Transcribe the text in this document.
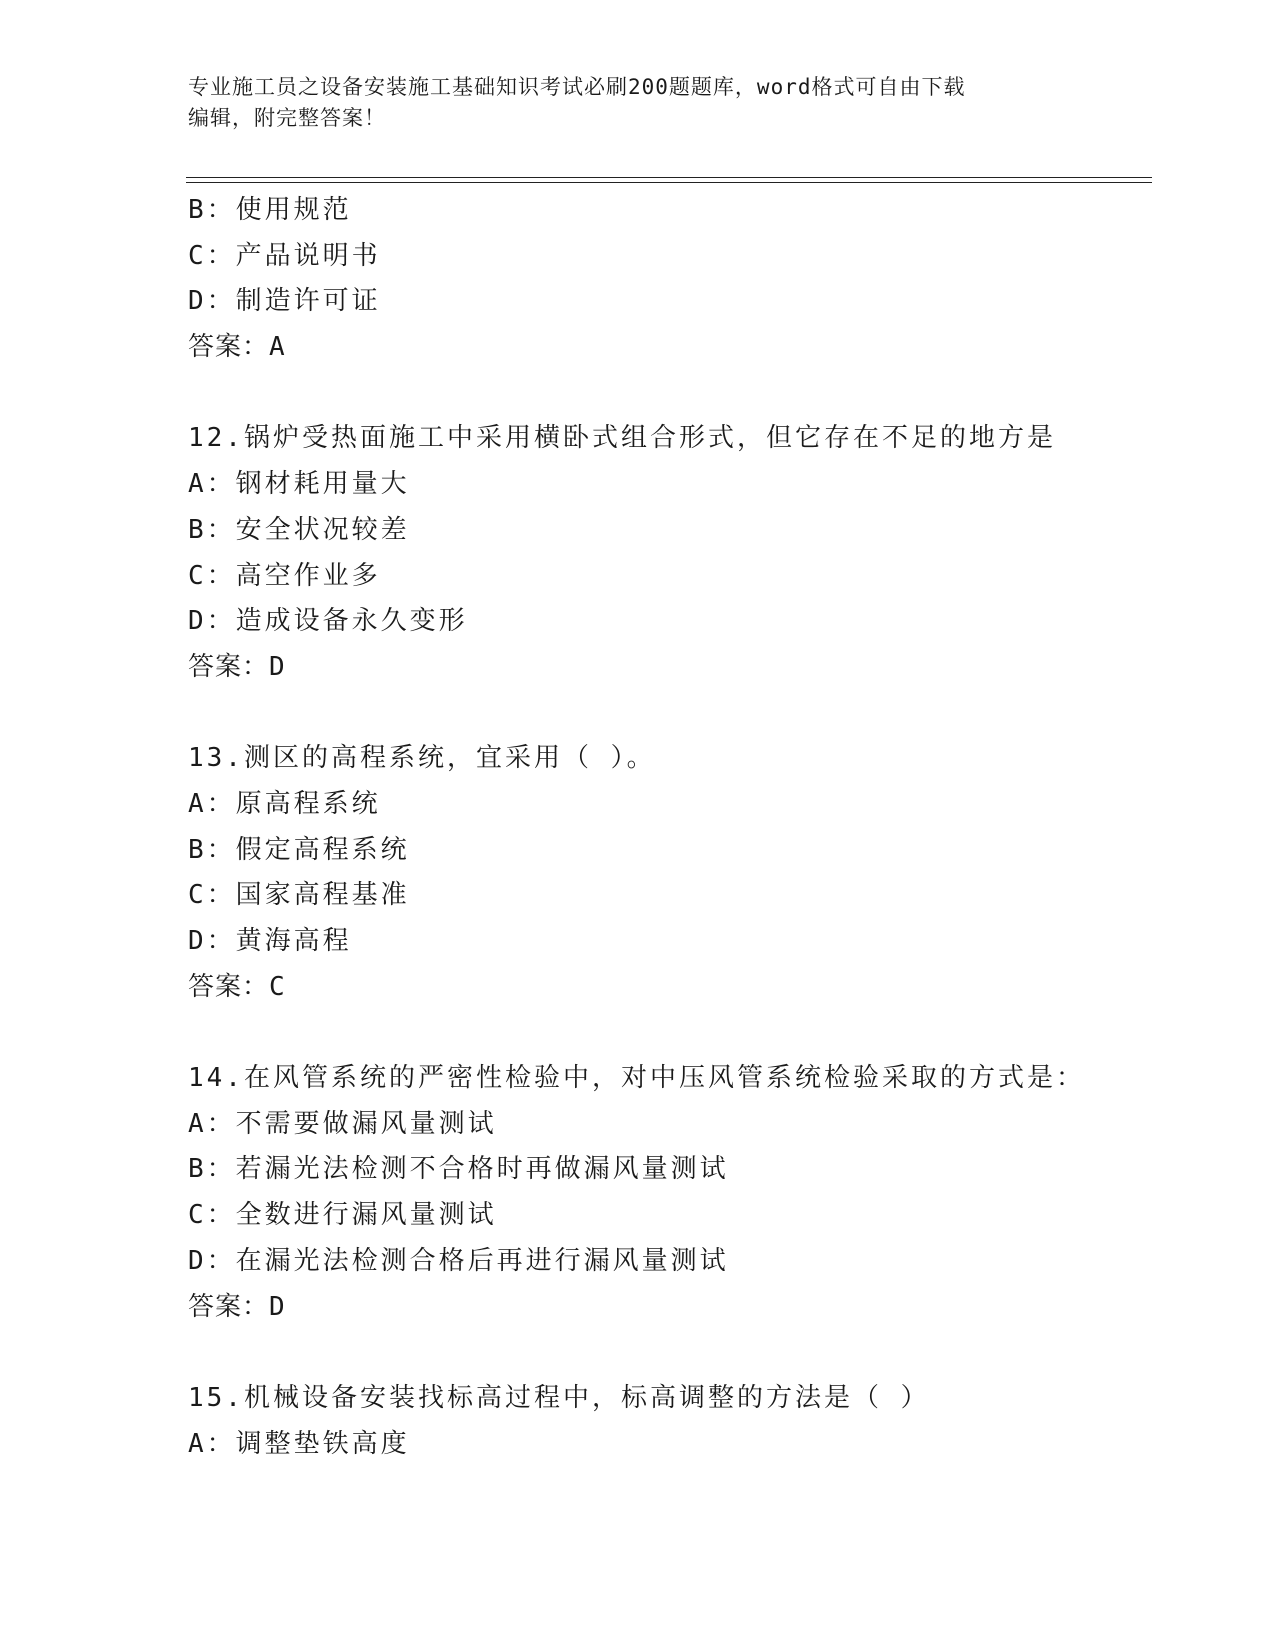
专业施工员之设备安装施工基础知识考试必刷200题题库，word格式可自由下载
编辑，附完整答案！
B：使用规范
C：产品说明书
D：制造许可证
答案：A
12.锅炉受热面施工中采用横卧式组合形式，但它存在不足的地方是
A：钢材耗用量大
B：安全状况较差
C：高空作业多
D：造成设备永久变形
答案：D
13.测区的高程系统，宜采用（ ）。
A：原高程系统
B：假定高程系统
C：国家高程基准
D：黄海高程
答案：C
14.在风管系统的严密性检验中，对中压风管系统检验采取的方式是：
A：不需要做漏风量测试
B：若漏光法检测不合格时再做漏风量测试
C：全数进行漏风量测试
D：在漏光法检测合格后再进行漏风量测试
答案：D
15.机械设备安装找标高过程中，标高调整的方法是（ ）
A：调整垫铁高度
